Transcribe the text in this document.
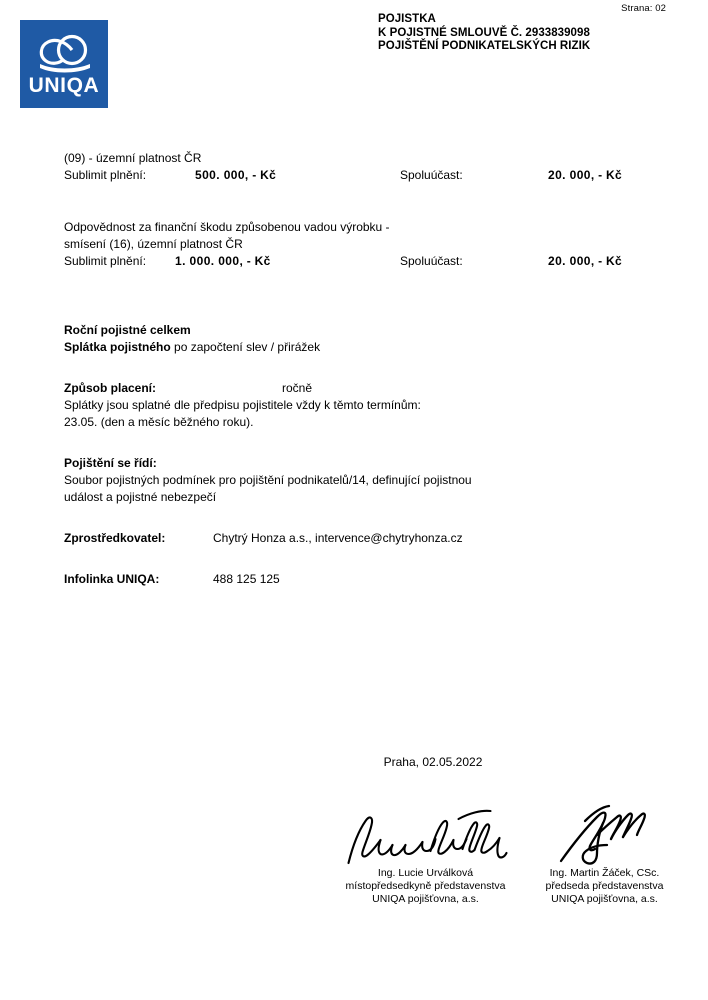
Strana: 02
UNIQA
POJISTKA
K POJISTNÉ SMLOUVĚ Č. 2933839098
POJIŠTĚNÍ PODNIKATELSKÝCH RIZIK
(09) - územní platnost ČR
Sublimit plnění:	500. 000, - Kč	Spoluúčast:	20. 000, - Kč
Odpovědnost za finanční škodu způsobenou vadou výrobku -
smísení (16), územní platnost ČR
Sublimit plnění: 1. 000. 000, - Kč	Spoluúčast:	20. 000, - Kč
Roční pojistné celkem
Splátka pojistného po započtení slev / přirážek
Způsob placení:	ročně
Splátky jsou splatné dle předpisu pojistitele vždy k těmto termínům:
23.05. (den a měsíc běžného roku).
Pojištění se řídí:
Soubor pojistných podmínek pro pojištění podnikatelů/14, definující pojistnou
událost a pojistné nebezpečí
Zprostředkovatel:	Chytrý Honza a.s., intervence@chytryhonza.cz
Infolinka UNIQA:	488 125 125
Praha, 02.05.2022
Ing. Lucie Urválková
místopředsedkyně představenstva
UNIQA pojišťovna, a.s.
Ing. Martin Žáček, CSc.
předseda představenstva
UNIQA pojišťovna, a.s.
